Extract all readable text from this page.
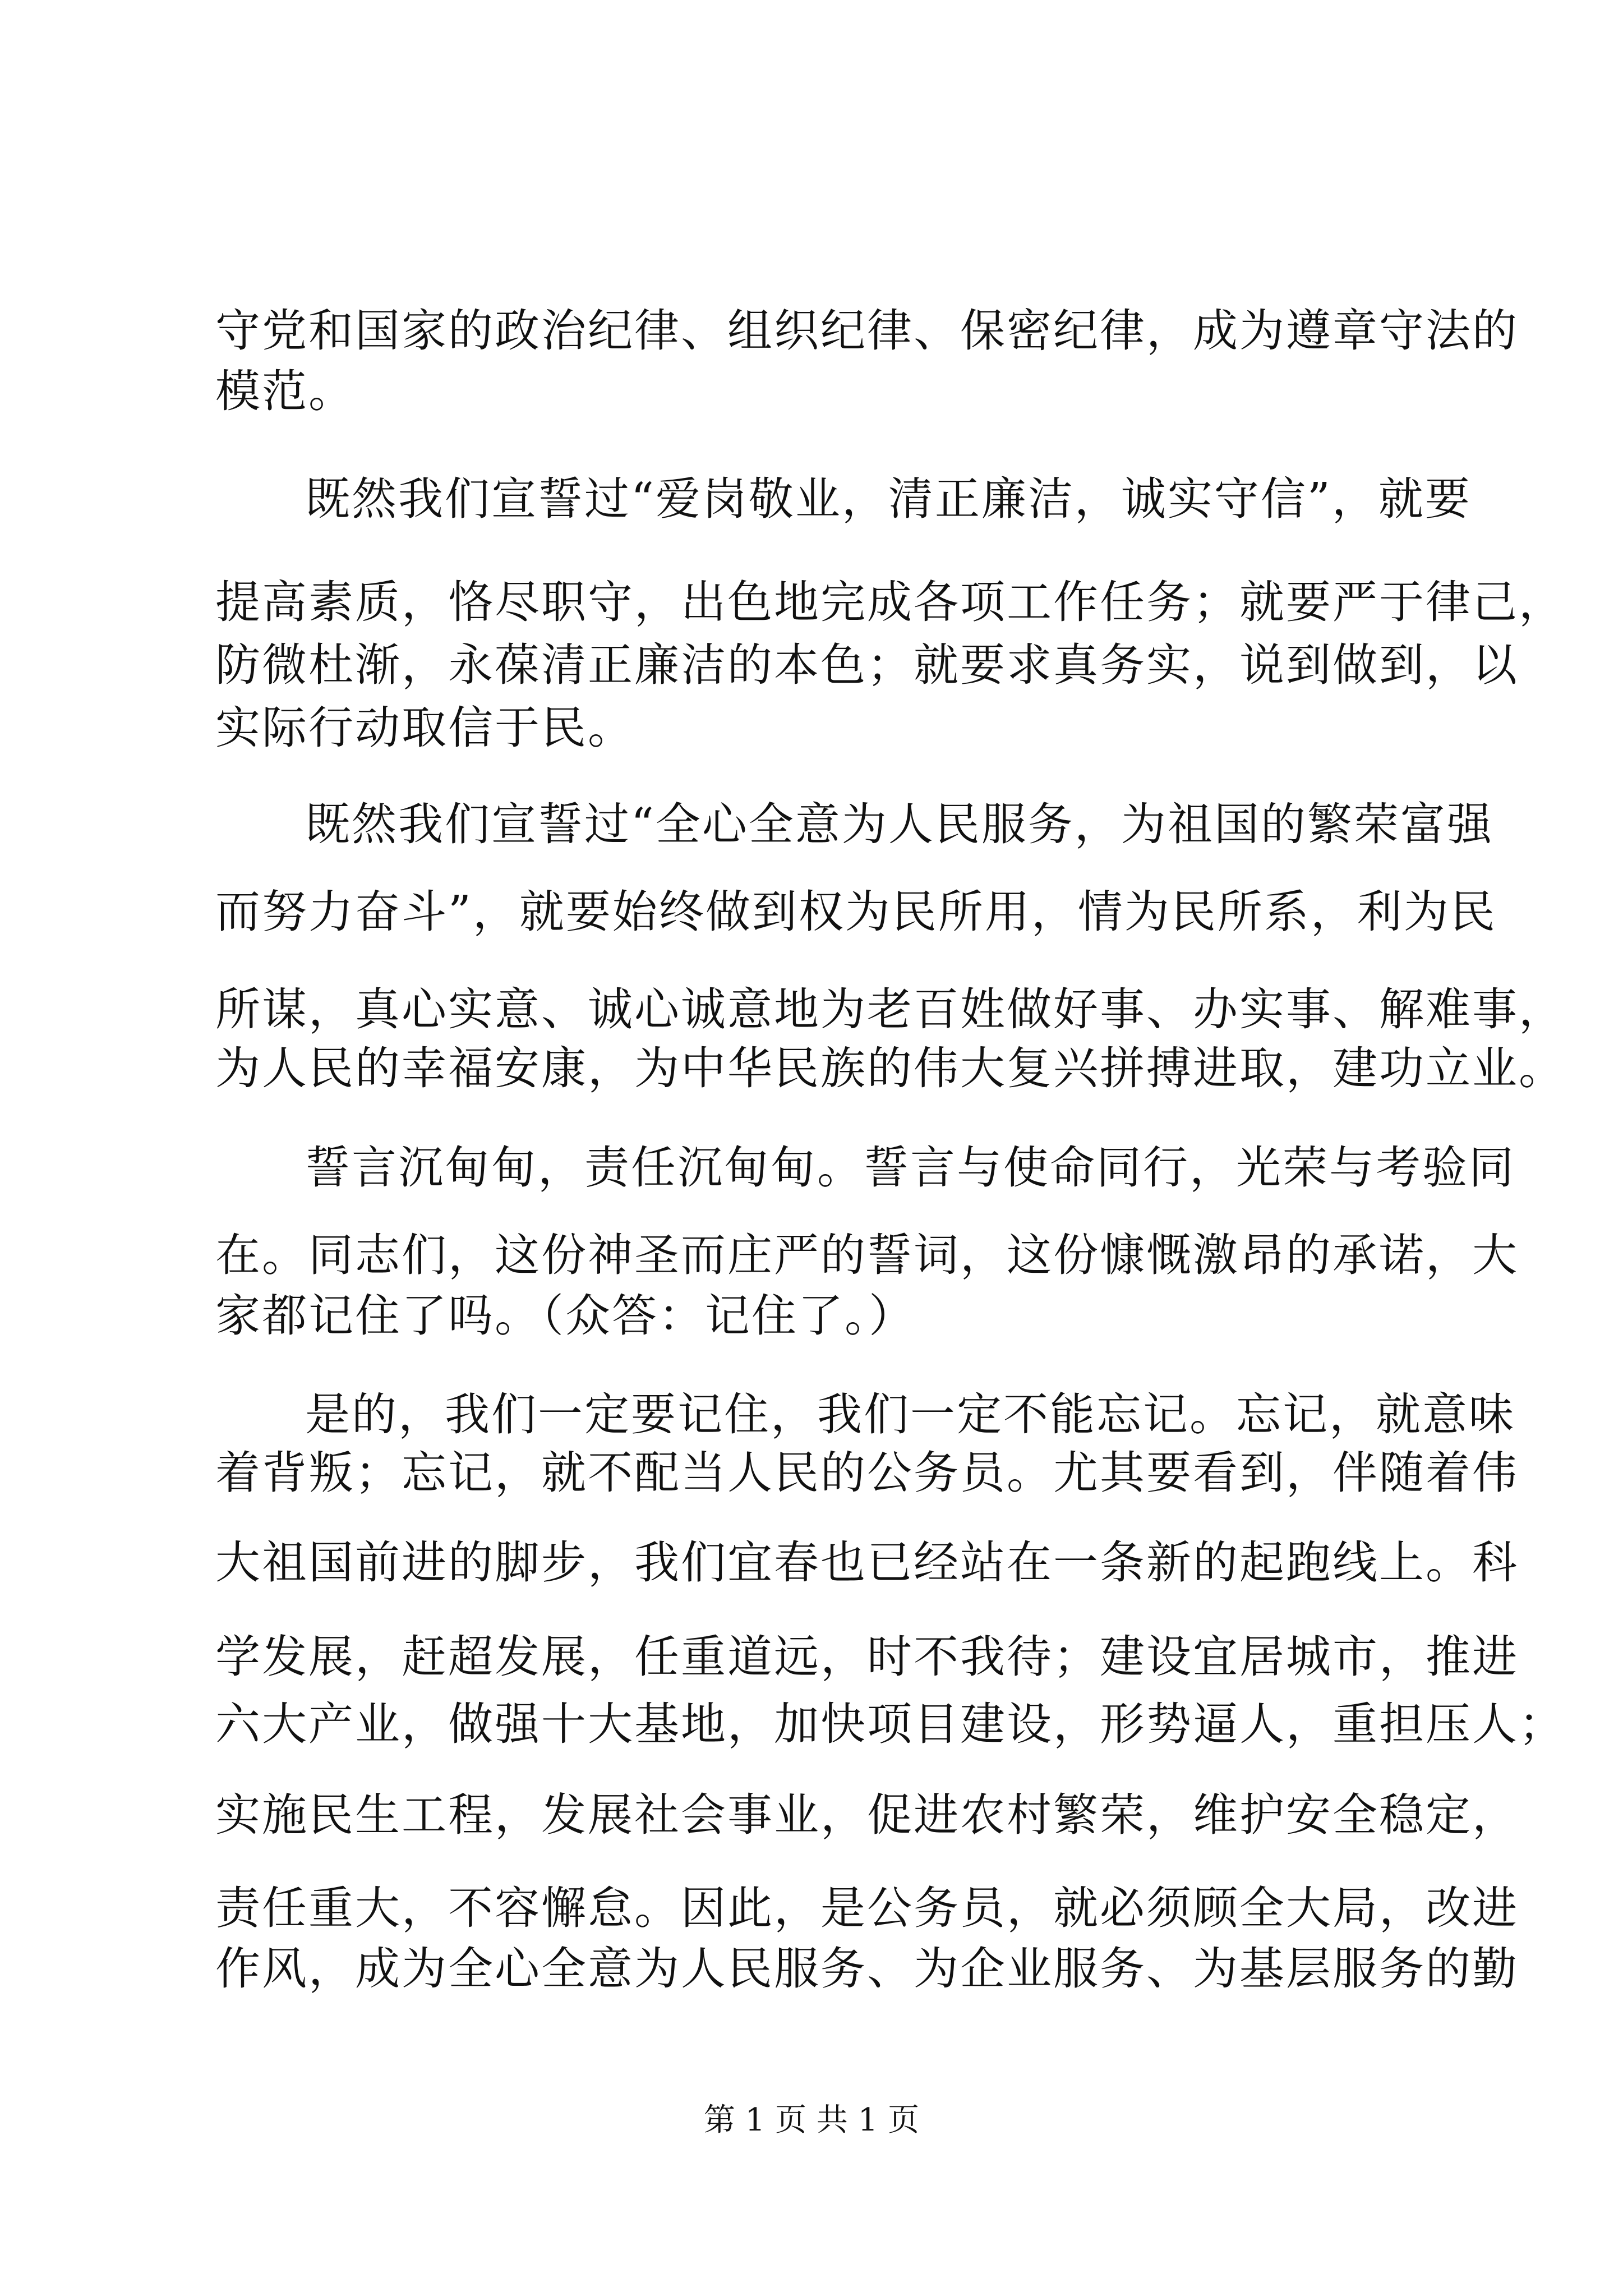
守党和国家的政治纪律、组织纪律、保密纪律，成为遵章守法的
模范。
既然我们宣誓过“爱岗敬业，清正廉洁，诚实守信”，就要
提高素质，恪尽职守，出色地完成各项工作任务；就要严于律己，
防微杜渐，永葆清正廉洁的本色；就要求真务实，说到做到，以
实际行动取信于民。
既然我们宣誓过“全心全意为人民服务，为祖国的繁荣富强
而努力奋斗”，就要始终做到权为民所用，情为民所系，利为民
所谋，真心实意、诚心诚意地为老百姓做好事、办实事、解难事，
为人民的幸福安康，为中华民族的伟大复兴拼搏进取，建功立业。
誓言沉甸甸，责任沉甸甸。誓言与使命同行，光荣与考验同
在。同志们，这份神圣而庄严的誓词，这份慷慨激昂的承诺，大
家都记住了吗。（众答：记住了。）
是的，我们一定要记住，我们一定不能忘记。忘记，就意味
着背叛；忘记，就不配当人民的公务员。尤其要看到，伴随着伟
大祖国前进的脚步，我们宜春也已经站在一条新的起跑线上。科
学发展，赶超发展，任重道远，时不我待；建设宜居城市，推进
六大产业，做强十大基地，加快项目建设，形势逼人，重担压人；
实施民生工程，发展社会事业，促进农村繁荣，维护安全稳定，
责任重大，不容懈怠。因此，是公务员，就必须顾全大局，改进
作风，成为全心全意为人民服务、为企业服务、为基层服务的勤
第 1 页 共 1 页
